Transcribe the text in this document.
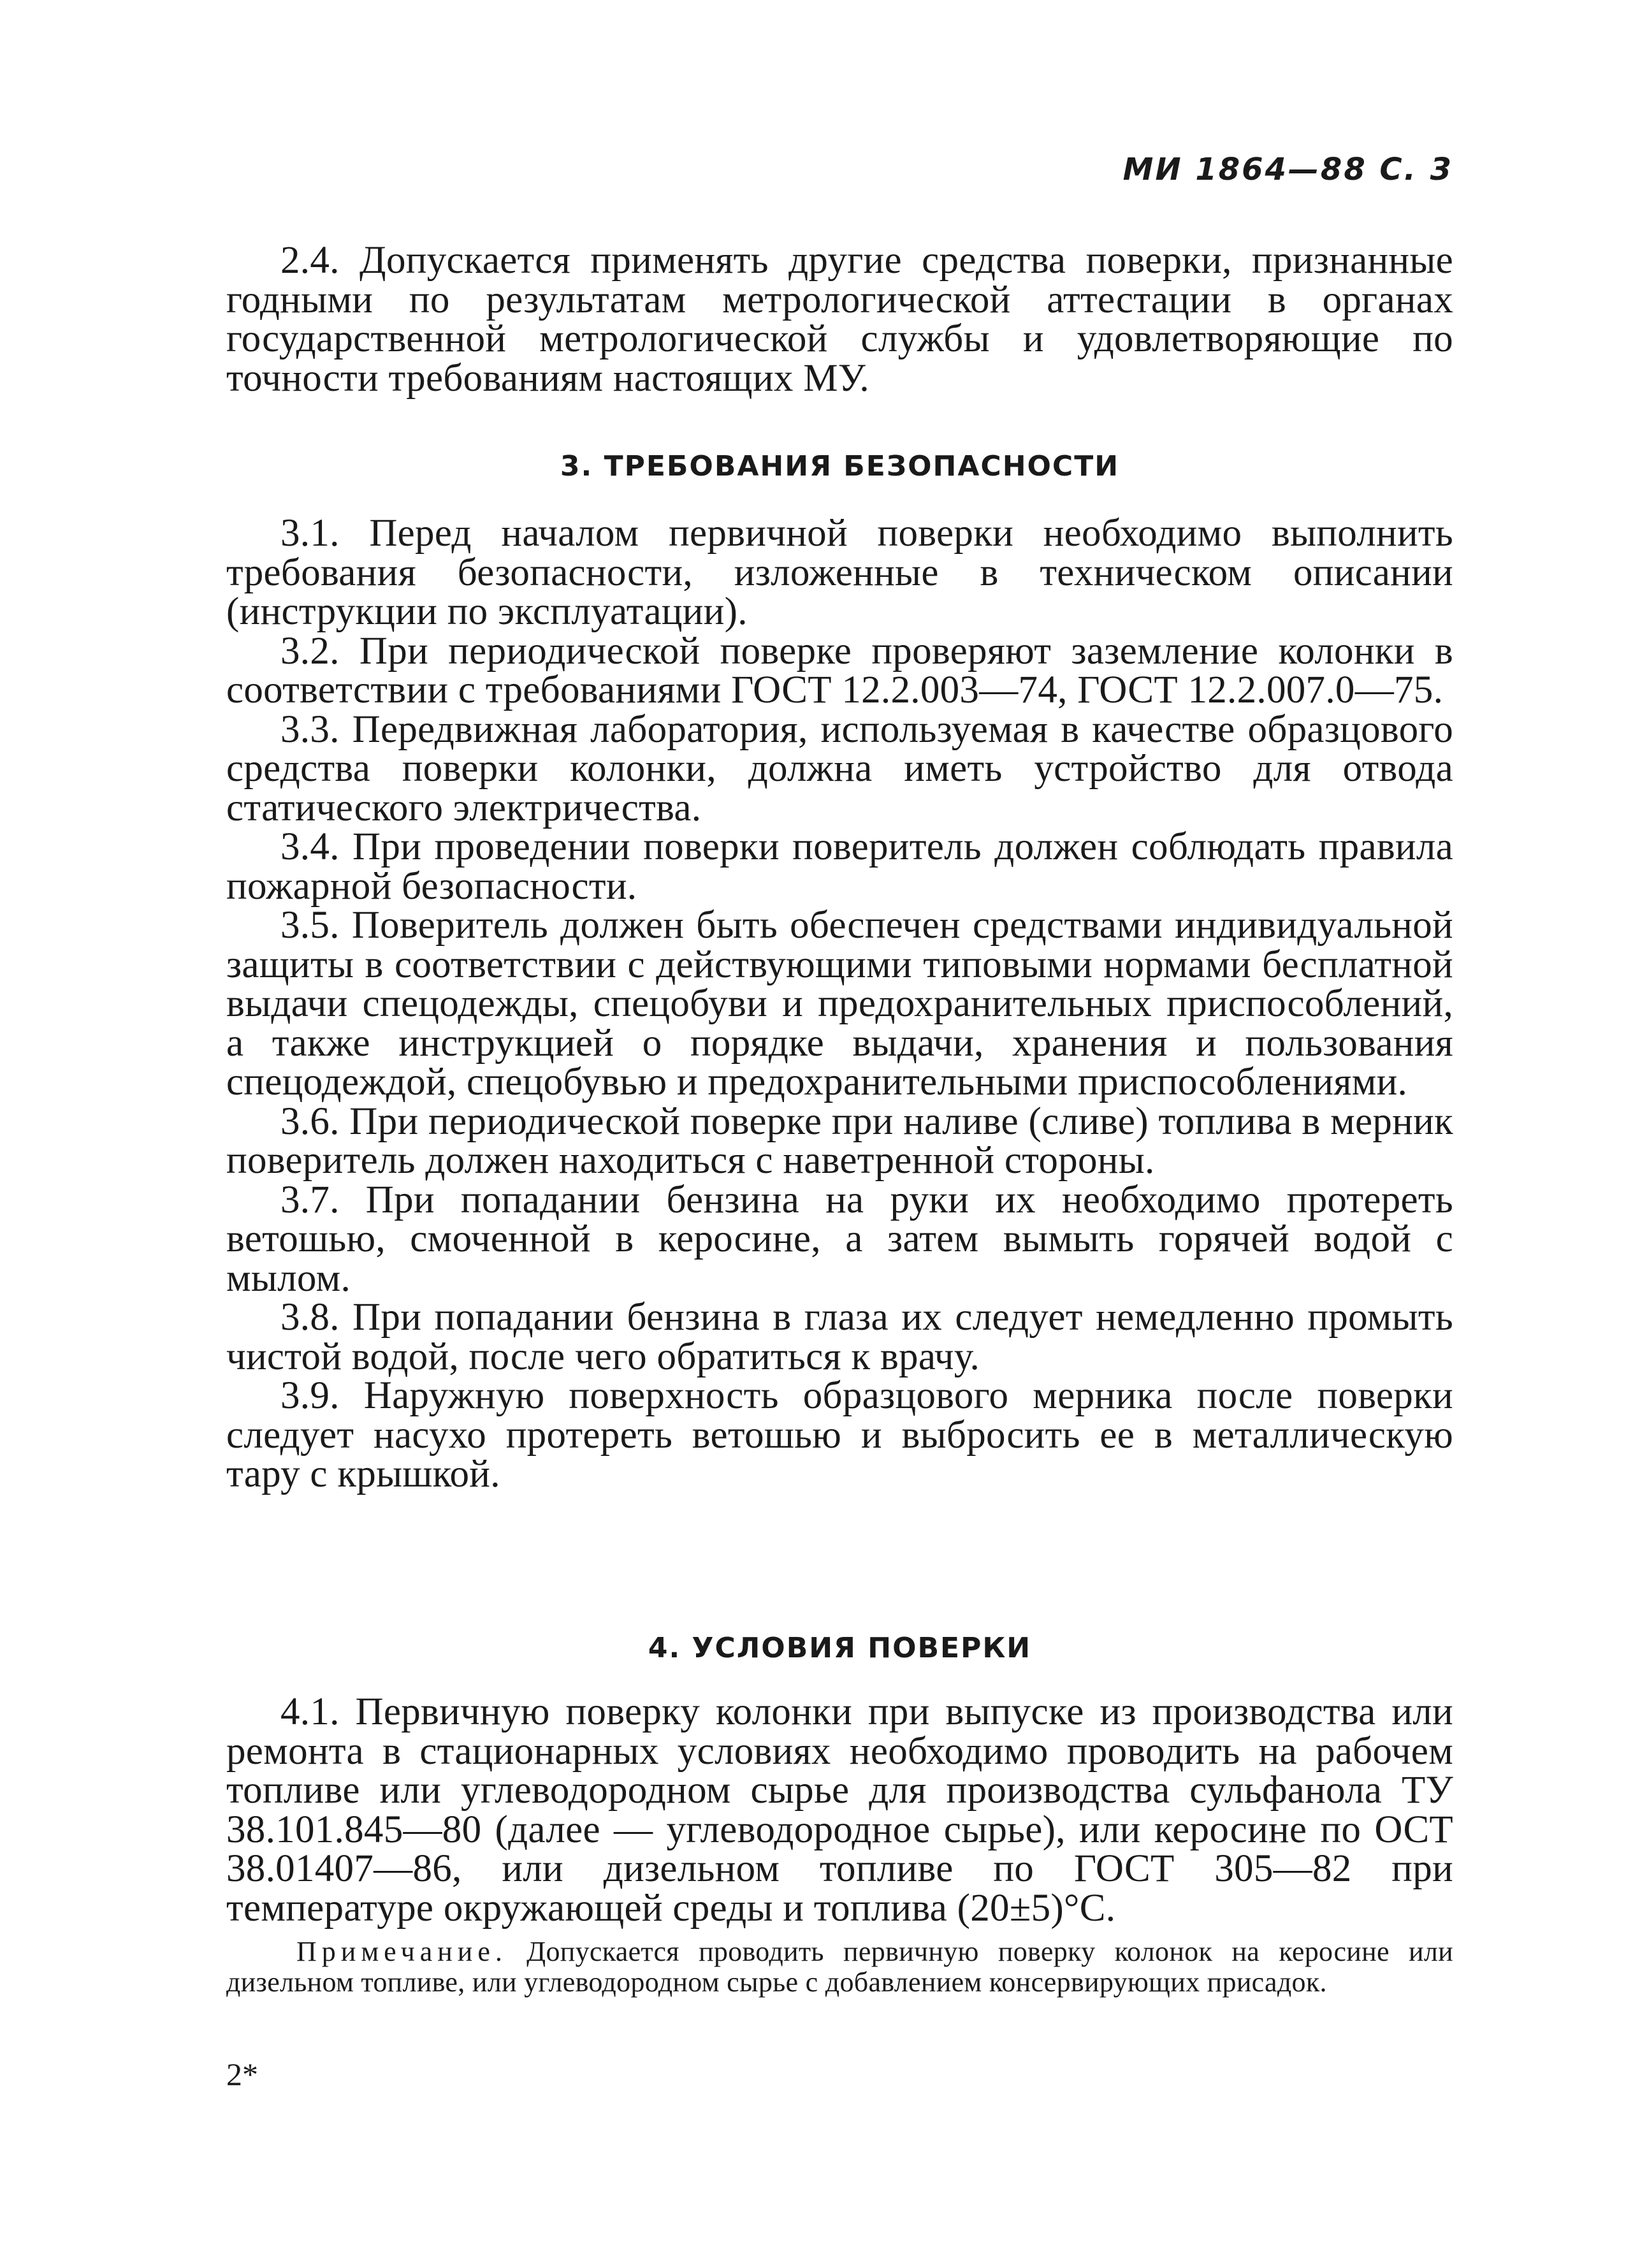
МИ 1864—88 С. 3

2.4. Допускается применять другие средства поверки, признанные годными по результатам метрологической аттестации в органах государственной метрологической службы и удовлетворяющие по точности требованиям настоящих МУ.

3. ТРЕБОВАНИЯ БЕЗОПАСНОСТИ

3.1. Перед началом первичной поверки необходимо выполнить требования безопасности, изложенные в техническом описании (инструкции по эксплуатации).

3.2. При периодической поверке проверяют заземление колонки в соответствии с требованиями ГОСТ 12.2.003—74, ГОСТ 12.2.007.0—75.

3.3. Передвижная лаборатория, используемая в качестве образцового средства поверки колонки, должна иметь устройство для отвода статического электричества.

3.4. При проведении поверки поверитель должен соблюдать правила пожарной безопасности.

3.5. Поверитель должен быть обеспечен средствами индивидуальной защиты в соответствии с действующими типовыми нормами бесплатной выдачи спецодежды, спецобуви и предохранительных приспособлений, а также инструкцией о порядке выдачи, хранения и пользования спецодеждой, спецобувью и предохранительными приспособлениями.

3.6. При периодической поверке при наливе (сливе) топлива в мерник поверитель должен находиться с наветренной стороны.

3.7. При попадании бензина на руки их необходимо протереть ветошью, смоченной в керосине, а затем вымыть горячей водой с мылом.

3.8. При попадании бензина в глаза их следует немедленно промыть чистой водой, после чего обратиться к врачу.

3.9. Наружную поверхность образцового мерника после поверки следует насухо протереть ветошью и выбросить ее в металлическую тару с крышкой.

4. УСЛОВИЯ ПОВЕРКИ

4.1. Первичную поверку колонки при выпуске из производства или ремонта в стационарных условиях необходимо проводить на рабочем топливе или углеводородном сырье для производства сульфанола ТУ 38.101.845—80 (далее — углеводородное сырье), или керосине по ОСТ 38.01407—86, или дизельном топливе по ГОСТ 305—82 при температуре окружающей среды и топлива (20±5)°С.

Примечание. Допускается проводить первичную поверку колонок на керосине или дизельном топливе, или углеводородном сырье с добавлением консервирующих присадок.

2*
